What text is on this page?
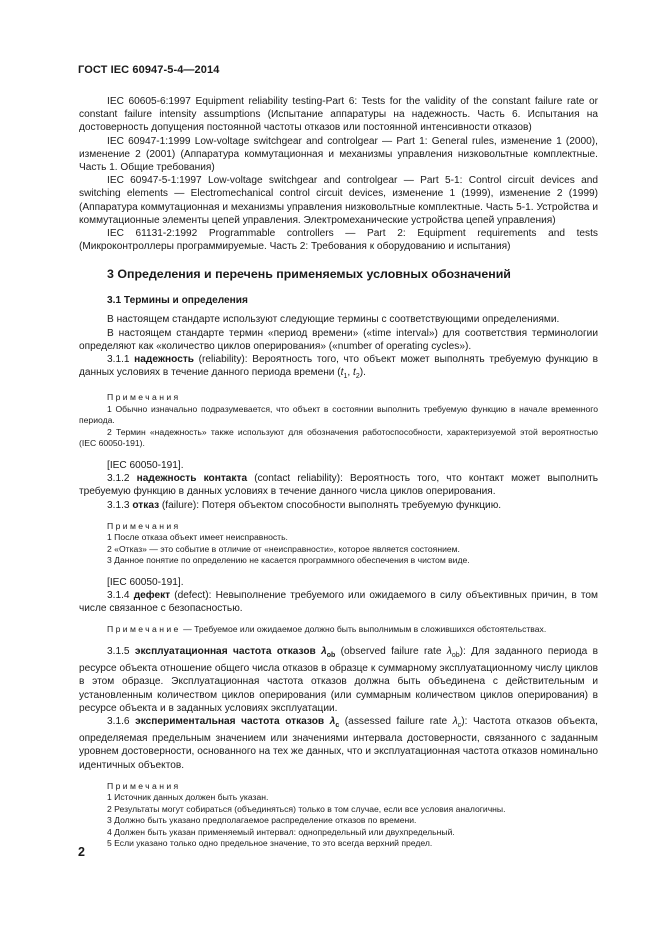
ГОСТ IEC 60947-5-4—2014

IEC 60605-6:1997 Equipment reliability testing-Part 6: Tests for the validity of the constant failure rate or constant failure intensity assumptions (Испытание аппаратуры на надежность. Часть 6. Испытания на достоверность допущения постоянной частоты отказов или постоянной интенсивности отказов)

IEC 60947-1:1999 Low-voltage switchgear and controlgear — Part 1: General rules, изменение 1 (2000), изменение 2 (2001) (Аппаратура коммутационная и механизмы управления низковольтные комплектные. Часть 1. Общие требования)

IEC 60947-5-1:1997 Low-voltage switchgear and controlgear — Part 5-1: Control circuit devices and switching elements — Electromechanical control circuit devices, изменение 1 (1999), изменение 2 (1999) (Аппаратура коммутационная и механизмы управления низковольтные комплектные. Часть 5-1. Устройства и коммутационные элементы цепей управления. Электромеханические устройства цепей управления)

IEC 61131-2:1992 Programmable controllers — Part 2: Equipment requirements and tests (Микроконтроллеры программируемые. Часть 2: Требования к оборудованию и испытания)

3 Определения и перечень применяемых условных обозначений
3.1 Термины и определения

В настоящем стандарте используют следующие термины с соответствующими определениями.

В настоящем стандарте термин «период времени» («time interval») для соответствия терминологии определяют как «количество циклов оперирования» («number of operating cycles»).

3.1.1 надежность (reliability): Вероятность того, что объект может выполнять требуемую функцию в данных условиях в течение данного периода времени ($t_1$, $t_2$).

Примечания

1 Обычно изначально подразумевается, что объект в состоянии выполнить требуемую функцию в начале временного периода.

2 Термин «надежность» также используют для обозначения работоспособности, характеризуемой этой вероятностью (IEC 60050-191).

[IEC 60050-191].

3.1.2 надежность контакта (contact reliability): Вероятность того, что контакт может выполнить требуемую функцию в данных условиях в течение данного числа циклов оперирования.

3.1.3 отказ (failure): Потеря объектом способности выполнять требуемую функцию.

Примечания

1 После отказа объект имеет неисправность.

2 «Отказ» — это событие в отличие от «неисправности», которое является состоянием.

3 Данное понятие по определению не касается программного обеспечения в чистом виде.

[IEC 60050-191].

3.1.4 дефект (defect): Невыполнение требуемого или ожидаемого в силу объективных причин, в том числе связанное с безопасностью.

Примечание — Требуемое или ожидаемое должно быть выполнимым в сложившихся обстоятельствах.

3.1.5 эксплуатационная частота отказов $\lambda_{ob}$ (observed failure rate $\lambda_{ob}$): Для заданного периода в ресурсе объекта отношение общего числа отказов в образце к суммарному эксплуатационному числу циклов в этом образце. Эксплуатационная частота отказов должна быть объединена с действительным и установленным количеством циклов оперирования (или суммарным количеством циклов оперирования) в ресурсе объекта и в заданных условиях эксплуатации.

3.1.6 экспериментальная частота отказов $\lambda_c$ (assessed failure rate $\lambda_c$): Частота отказов объекта, определяемая предельным значением или значениями интервала достоверности, связанного с заданным уровнем достоверности, основанного на тех же данных, что и эксплуатационная частота отказов номинально идентичных объектов.

Примечания

1 Источник данных должен быть указан.

2 Результаты могут собираться (объединяться) только в том случае, если все условия аналогичны.

3 Должно быть указано предполагаемое распределение отказов по времени.

4 Должен быть указан применяемый интервал: однопредельный или двухпредельный.

5 Если указано только одно предельное значение, то это всегда верхний предел.

2
